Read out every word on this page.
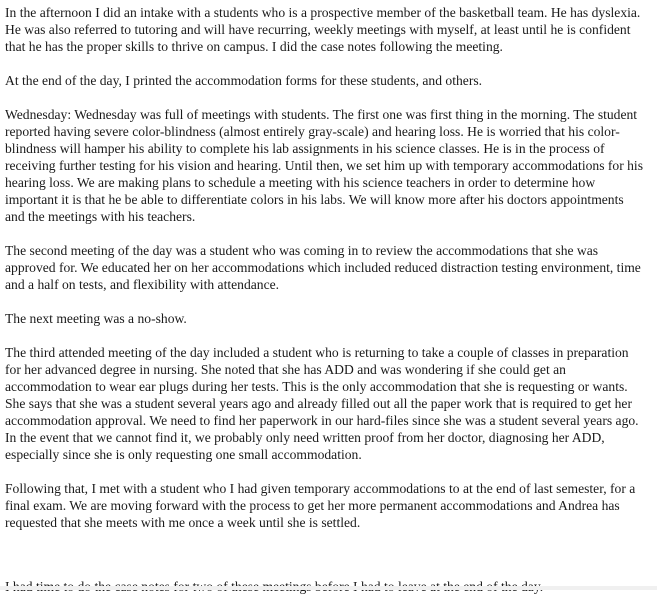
In the afternoon I did an intake with a students who is a prospective member of the basketball team. He has dyslexia. He was also referred to tutoring and will have recurring, weekly meetings with myself, at least until he is confident that he has the proper skills to thrive on campus. I did the case notes following the meeting.

At the end of the day, I printed the accommodation forms for these students, and others.

Wednesday: Wednesday was full of meetings with students. The first one was first thing in the morning. The student reported having severe color-blindness (almost entirely gray-scale) and hearing loss. He is worried that his color-blindness will hamper his ability to complete his lab assignments in his science classes. He is in the process of receiving further testing for his vision and hearing. Until then, we set him up with temporary accommodations for his hearing loss. We are making plans to schedule a meeting with his science teachers in order to determine how important it is that he be able to differentiate colors in his labs. We will know more after his doctors appointments and the meetings with his teachers.

The second meeting of the day was a student who was coming in to review the accommodations that she was approved for. We educated her on her accommodations which included reduced distraction testing environment, time and a half on tests, and flexibility with attendance.

The next meeting was a no-show.

The third attended meeting of the day included a student who is returning to take a couple of classes in preparation for her advanced degree in nursing. She noted that she has ADD and was wondering if she could get an accommodation to wear ear plugs during her tests. This is the only accommodation that she is requesting or wants. She says that she was a student several years ago and already filled out all the paper work that is required to get her accommodation approval. We need to find her paperwork in our hard-files since she was a student several years ago. In the event that we cannot find it, we probably only need written proof from her doctor, diagnosing her ADD, especially since she is only requesting one small accommodation.

Following that, I met with a student who I had given temporary accommodations to at the end of last semester, for a final exam. We are moving forward with the process to get her more permanent accommodations and Andrea has requested that she meets with me once a week until she is settled.
